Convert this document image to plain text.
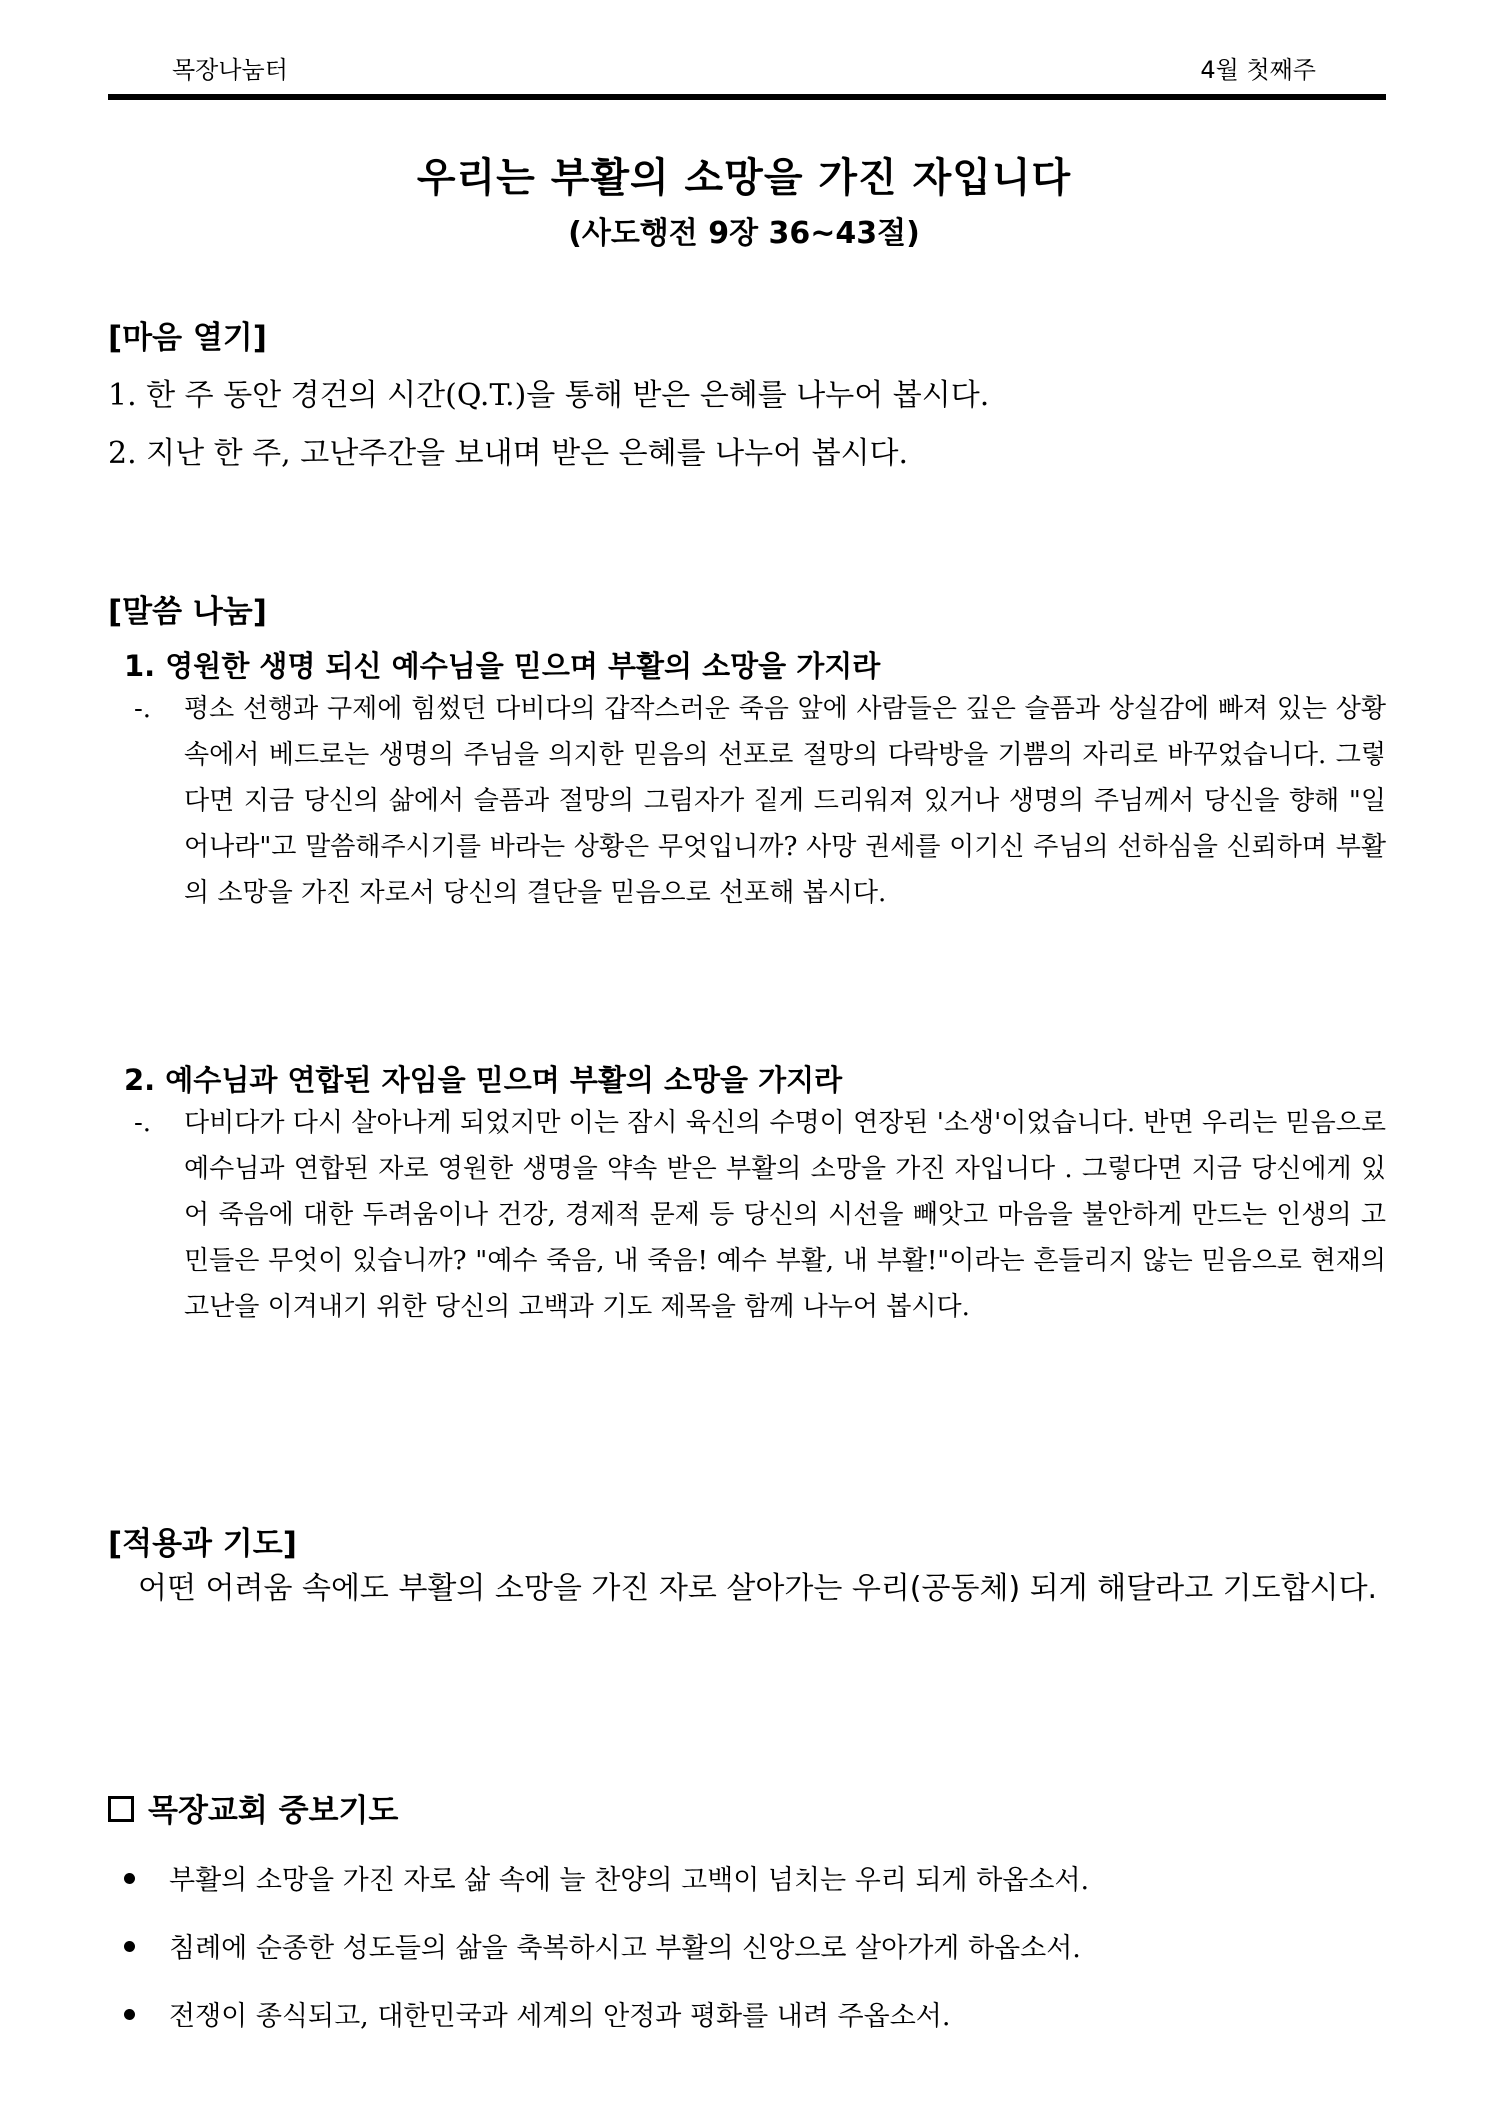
목장나눔터	4월 첫째주
우리는 부활의 소망을 가진 자입니다
(사도행전 9장 36~43절)
[마음 열기]
1. 한 주 동안 경건의 시간(Q.T.)을 통해 받은 은혜를 나누어 봅시다.
2. 지난 한 주, 고난주간을 보내며 받은 은혜를 나누어 봅시다.
[말씀 나눔]
1. 영원한 생명 되신 예수님을 믿으며 부활의 소망을 가지라
-. 평소 선행과 구제에 힘썼던 다비다의 갑작스러운 죽음 앞에 사람들은 깊은 슬픔과 상실감에 빠져 있는 상황속에서 베드로는 생명의 주님을 의지한 믿음의 선포로 절망의 다락방을 기쁨의 자리로 바꾸었습니다. 그렇다면 지금 당신의 삶에서 슬픔과 절망의 그림자가 짙게 드리워져 있거나 생명의 주님께서 당신을 향해 "일어나라"고 말씀해주시기를 바라는 상황은 무엇입니까? 사망 권세를 이기신 주님의 선하심을 신뢰하며 부활의 소망을 가진 자로서 당신의 결단을 믿음으로 선포해 봅시다.
2. 예수님과 연합된 자임을 믿으며 부활의 소망을 가지라
-. 다비다가 다시 살아나게 되었지만 이는 잠시 육신의 수명이 연장된 '소생'이었습니다. 반면 우리는 믿음으로 예수님과 연합된 자로 영원한 생명을 약속 받은 부활의 소망을 가진 자입니다 . 그렇다면 지금 당신에게 있어 죽음에 대한 두려움이나 건강, 경제적 문제 등 당신의 시선을 빼앗고 마음을 불안하게 만드는 인생의 고민들은 무엇이 있습니까? "예수 죽음, 내 죽음! 예수 부활, 내 부활!"이라는 흔들리지 않는 믿음으로 현재의 고난을 이겨내기 위한 당신의 고백과 기도 제목을 함께 나누어 봅시다.
[적용과 기도]
어떤 어려움 속에도 부활의 소망을 가진 자로 살아가는 우리(공동체) 되게 해달라고 기도합시다.
목장교회 중보기도
부활의 소망을 가진 자로 삶 속에 늘 찬양의 고백이 넘치는 우리 되게 하옵소서.
침례에 순종한 성도들의 삶을 축복하시고 부활의 신앙으로 살아가게 하옵소서.
전쟁이 종식되고, 대한민국과 세계의 안정과 평화를 내려 주옵소서.
